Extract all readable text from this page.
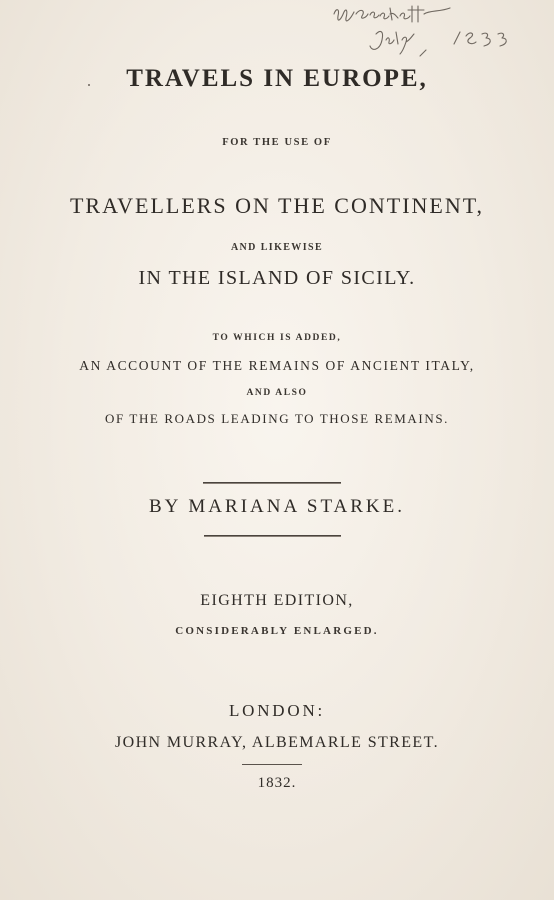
TRAVELS IN EUROPE,
FOR THE USE OF
TRAVELLERS ON THE CONTINENT,
AND LIKEWISE
IN THE ISLAND OF SICILY.
TO WHICH IS ADDED,
AN ACCOUNT OF THE REMAINS OF ANCIENT ITALY,
AND ALSO
OF THE ROADS LEADING TO THOSE REMAINS.
BY MARIANA STARKE.
EIGHTH EDITION,
CONSIDERABLY ENLARGED.
LONDON:
JOHN MURRAY, ALBEMARLE STREET.
1832.
